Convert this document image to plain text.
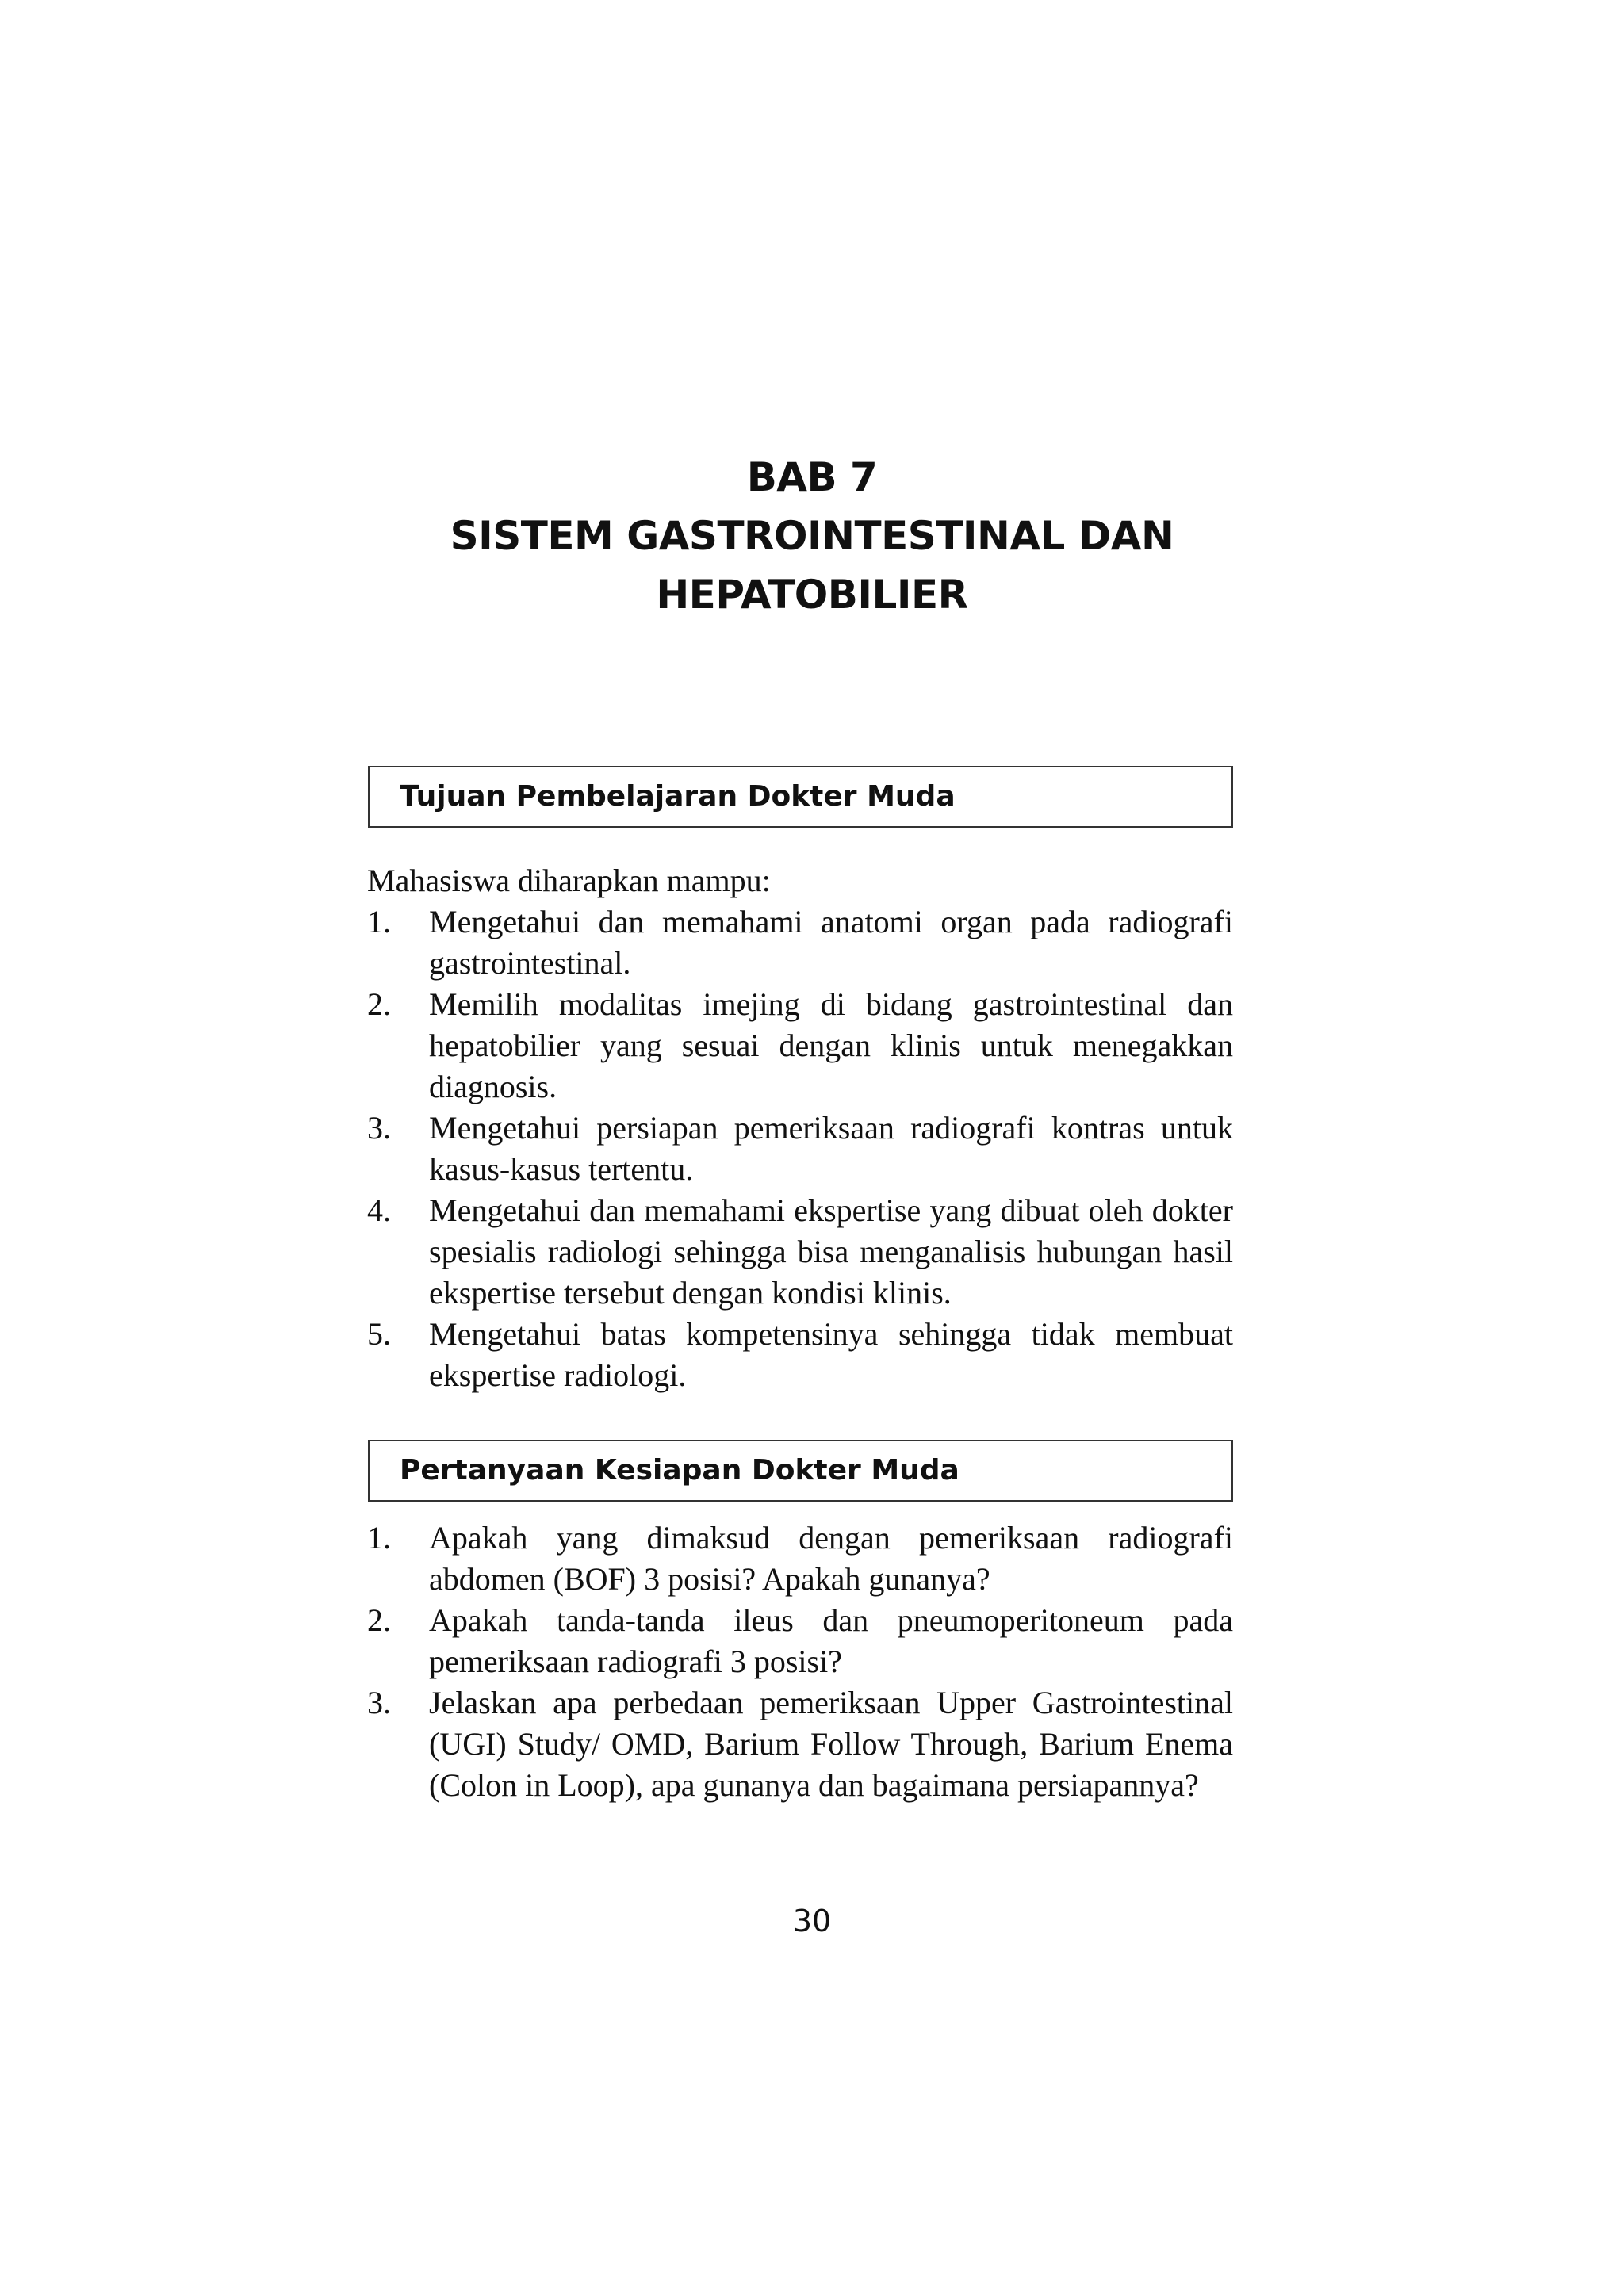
BAB 7
SISTEM GASTROINTESTINAL DAN
HEPATOBILIER
Tujuan Pembelajaran Dokter Muda
Mahasiswa diharapkan mampu:
1. Mengetahui dan memahami anatomi organ pada radiografi gastrointestinal.
2. Memilih modalitas imejing di bidang gastrointestinal dan hepatobilier yang sesuai dengan klinis untuk menegakkan diagnosis.
3. Mengetahui persiapan pemeriksaan radiografi kontras untuk kasus-kasus tertentu.
4. Mengetahui dan memahami ekspertise yang dibuat oleh dokter spesialis radiologi sehingga bisa menganalisis hubungan hasil ekspertise tersebut dengan kondisi klinis.
5. Mengetahui batas kompetensinya sehingga tidak membuat ekspertise radiologi.
Pertanyaan Kesiapan Dokter Muda
1. Apakah yang dimaksud dengan pemeriksaan radiografi abdomen (BOF) 3 posisi? Apakah gunanya?
2. Apakah tanda-tanda ileus dan pneumoperitoneum pada pemeriksaan radiografi 3 posisi?
3. Jelaskan apa perbedaan pemeriksaan Upper Gastrointestinal (UGI) Study/ OMD, Barium Follow Through, Barium Enema (Colon in Loop), apa gunanya dan bagaimana persiapannya?
30
